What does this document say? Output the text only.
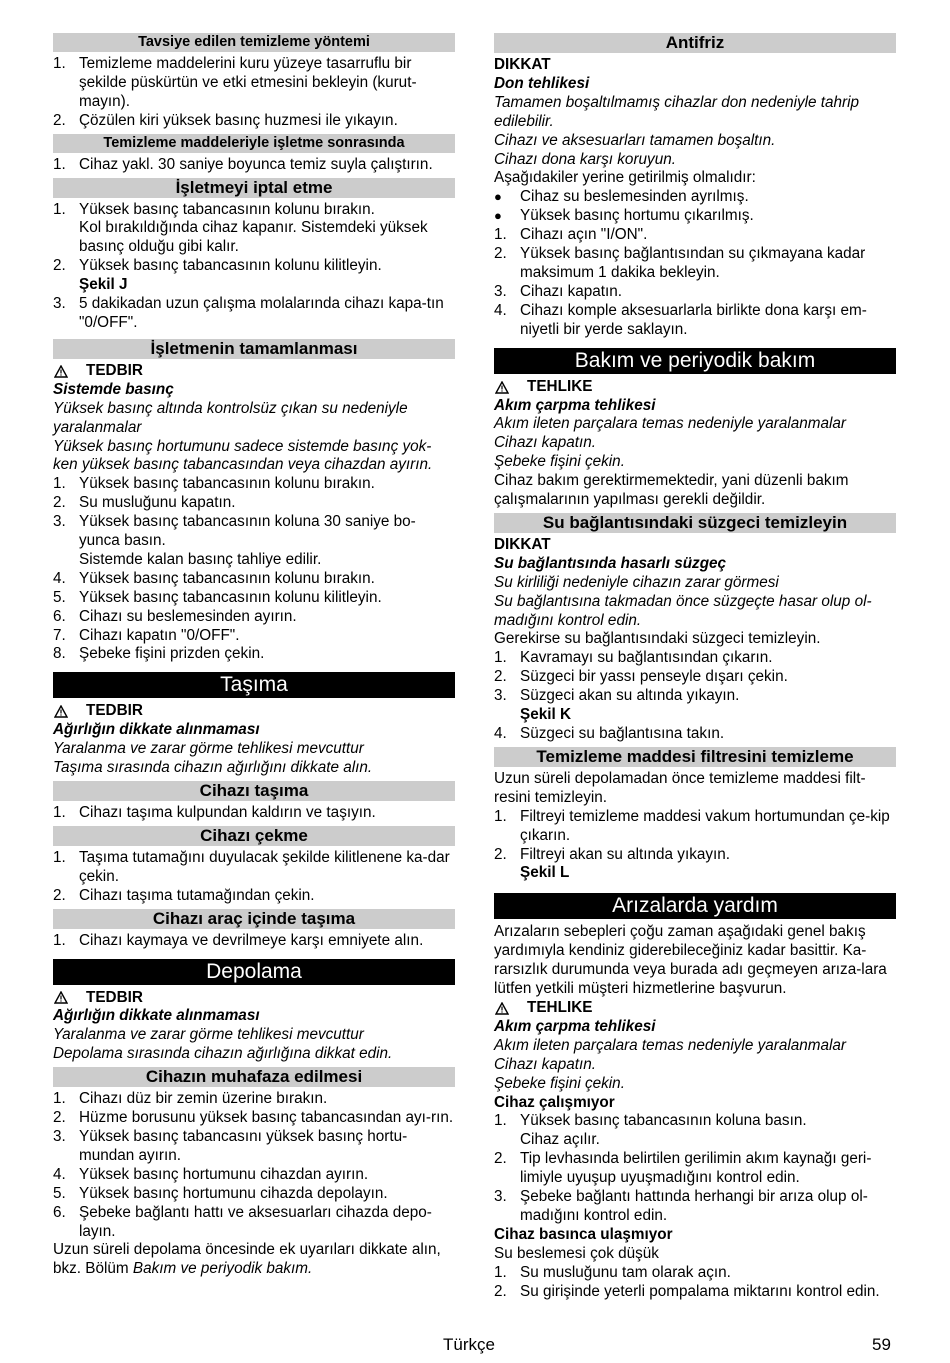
Tavsiye edilen temizleme yöntemi
1. Temizleme maddelerini kuru yüzeye tasarruflu bir şekilde püskürtün ve etki etmesini bekleyin (kurut-mayın).
2. Çözülen kiri yüksek basınç huzmesi ile yıkayın.
Temizleme maddeleriyle işletme sonrasında
1. Cihaz yakl. 30 saniye boyunca temiz suyla çalıştırın.
İşletmeyi iptal etme
1. Yüksek basınç tabancasının kolunu bırakın.

Kol bırakıldığında cihaz kapanır. Sistemdeki yüksek basınç olduğu gibi kalır.

2. Yüksek basınç tabancasının kolunu kilitleyin.

Şekil J

3. 5 dakikadan uzun çalışma molalarında cihazı kapa-tın "0/OFF".
İşletmenin tamamlanması
TEDBIR

Sistemde basınç

Yüksek basınç altında kontrolsüz çıkan su nedeniyle yaralanmalar

Yüksek basınç hortumunu sadece sistemde basınç yok-ken yüksek basınç tabancasından veya cihazdan ayırın.

1. Yüksek basınç tabancasının kolunu bırakın.
2. Su musluğunu kapatın.
3. Yüksek basınç tabancasının koluna 30 saniye bo-yunca basın.

Sistemde kalan basınç tahliye edilir.

4. Yüksek basınç tabancasının kolunu bırakın.
5. Yüksek basınç tabancasının kolunu kilitleyin.
6. Cihazı su beslemesinden ayırın.
7. Cihazı kapatın "0/OFF".
8. Şebeke fişini prizden çekin.
Taşıma
TEDBIR

Ağırlığın dikkate alınmaması

Yaralanma ve zarar görme tehlikesi mevcuttur

Taşıma sırasında cihazın ağırlığını dikkate alın.

Cihazı taşıma
1. Cihazı taşıma kulpundan kaldırın ve taşıyın.
Cihazı çekme
1. Taşıma tutamağını duyulacak şekilde kilitlenene ka-dar çekin.
2. Cihazı taşıma tutamağından çekin.
Cihazı araç içinde taşıma
1. Cihazı kaymaya ve devrilmeye karşı emniyete alın.
Depolama
TEDBIR

Ağırlığın dikkate alınmaması

Yaralanma ve zarar görme tehlikesi mevcuttur

Depolama sırasında cihazın ağırlığına dikkat edin.

Cihazın muhafaza edilmesi
1. Cihazı düz bir zemin üzerine bırakın.
2. Hüzme borusunu yüksek basınç tabancasından ayı-rın.
3. Yüksek basınç tabancasını yüksek basınç hortu-mundan ayırın.
4. Yüksek basınç hortumunu cihazdan ayırın.
5. Yüksek basınç hortumunu cihazda depolayın.
6. Şebeke bağlantı hattı ve aksesuarları cihazda depo-layın.

Uzun süreli depolama öncesinde ek uyarıları dikkate alın, bkz. Bölüm Bakım ve periyodik bakım.

Antifriz

DIKKAT

Don tehlikesi

Tamamen boşaltılmamış cihazlar don nedeniyle tahrip edilebilir.

Cihazı ve aksesuarları tamamen boşaltın.

Cihazı dona karşı koruyun.

Aşağıdakiler yerine getirilmiş olmalıdır:

●	Cihaz su beslemesinden ayrılmış.
●	Yüksek basınç hortumu çıkarılmış.
1. Cihazı açın "I/ON".
2. Yüksek basınç bağlantısından su çıkmayana kadar maksimum 1 dakika bekleyin.
3. Cihazı kapatın.
4. Cihazı komple aksesuarlarla birlikte dona karşı em-niyetli bir yerde saklayın.
Bakım ve periyodik bakım
TEHLIKE

Akım çarpma tehlikesi

Akım ileten parçalara temas nedeniyle yaralanmalar

Cihazı kapatın.

Şebeke fişini çekin.

Cihaz bakım gerektirmemektedir, yani düzenli bakım çalışmalarının yapılması gerekli değildir.

Su bağlantısındaki süzgeci temizleyin

DIKKAT

Su bağlantısında hasarlı süzgeç

Su kirliliği nedeniyle cihazın zarar görmesi

Su bağlantısına takmadan önce süzgeçte hasar olup ol-madığını kontrol edin.

Gerekirse su bağlantısındaki süzgeci temizleyin.

1. Kavramayı su bağlantısından çıkarın.
2. Süzgeci bir yassı penseyle dışarı çekin.
3. Süzgeci akan su altında yıkayın.

Şekil K

4. Süzgeci su bağlantısına takın.
Temizleme maddesi filtresini temizleme

Uzun süreli depolamadan önce temizleme maddesi filt-resini temizleyin.

1. Filtreyi temizleme maddesi vakum hortumundan çe-kip çıkarın.
2. Filtreyi akan su altında yıkayın.

Şekil L

Arızalarda yardım

Arızaların sebepleri çoğu zaman aşağıdaki genel bakış yardımıyla kendiniz giderebileceğiniz kadar basittir. Ka-rarsızlık durumunda veya burada adı geçmeyen arıza-lara lütfen yetkili müşteri hizmetlerine başvurun.

TEHLIKE

Akım çarpma tehlikesi

Akım ileten parçalara temas nedeniyle yaralanmalar

Cihazı kapatın.

Şebeke fişini çekin.

Cihaz çalışmıyor

1. Yüksek basınç tabancasının koluna basın.

Cihaz açılır.

2. Tip levhasında belirtilen gerilimin akım kaynağı geri-limiyle uyuşup uyuşmadığını kontrol edin.
3. Şebeke bağlantı hattında herhangi bir arıza olup ol-madığını kontrol edin.

Cihaz basınca ulaşmıyor

Su beslemesi çok düşük

1. Su musluğunu tam olarak açın.
2. Su girişinde yeterli pompalama miktarını kontrol edin.
Türkçe	59
